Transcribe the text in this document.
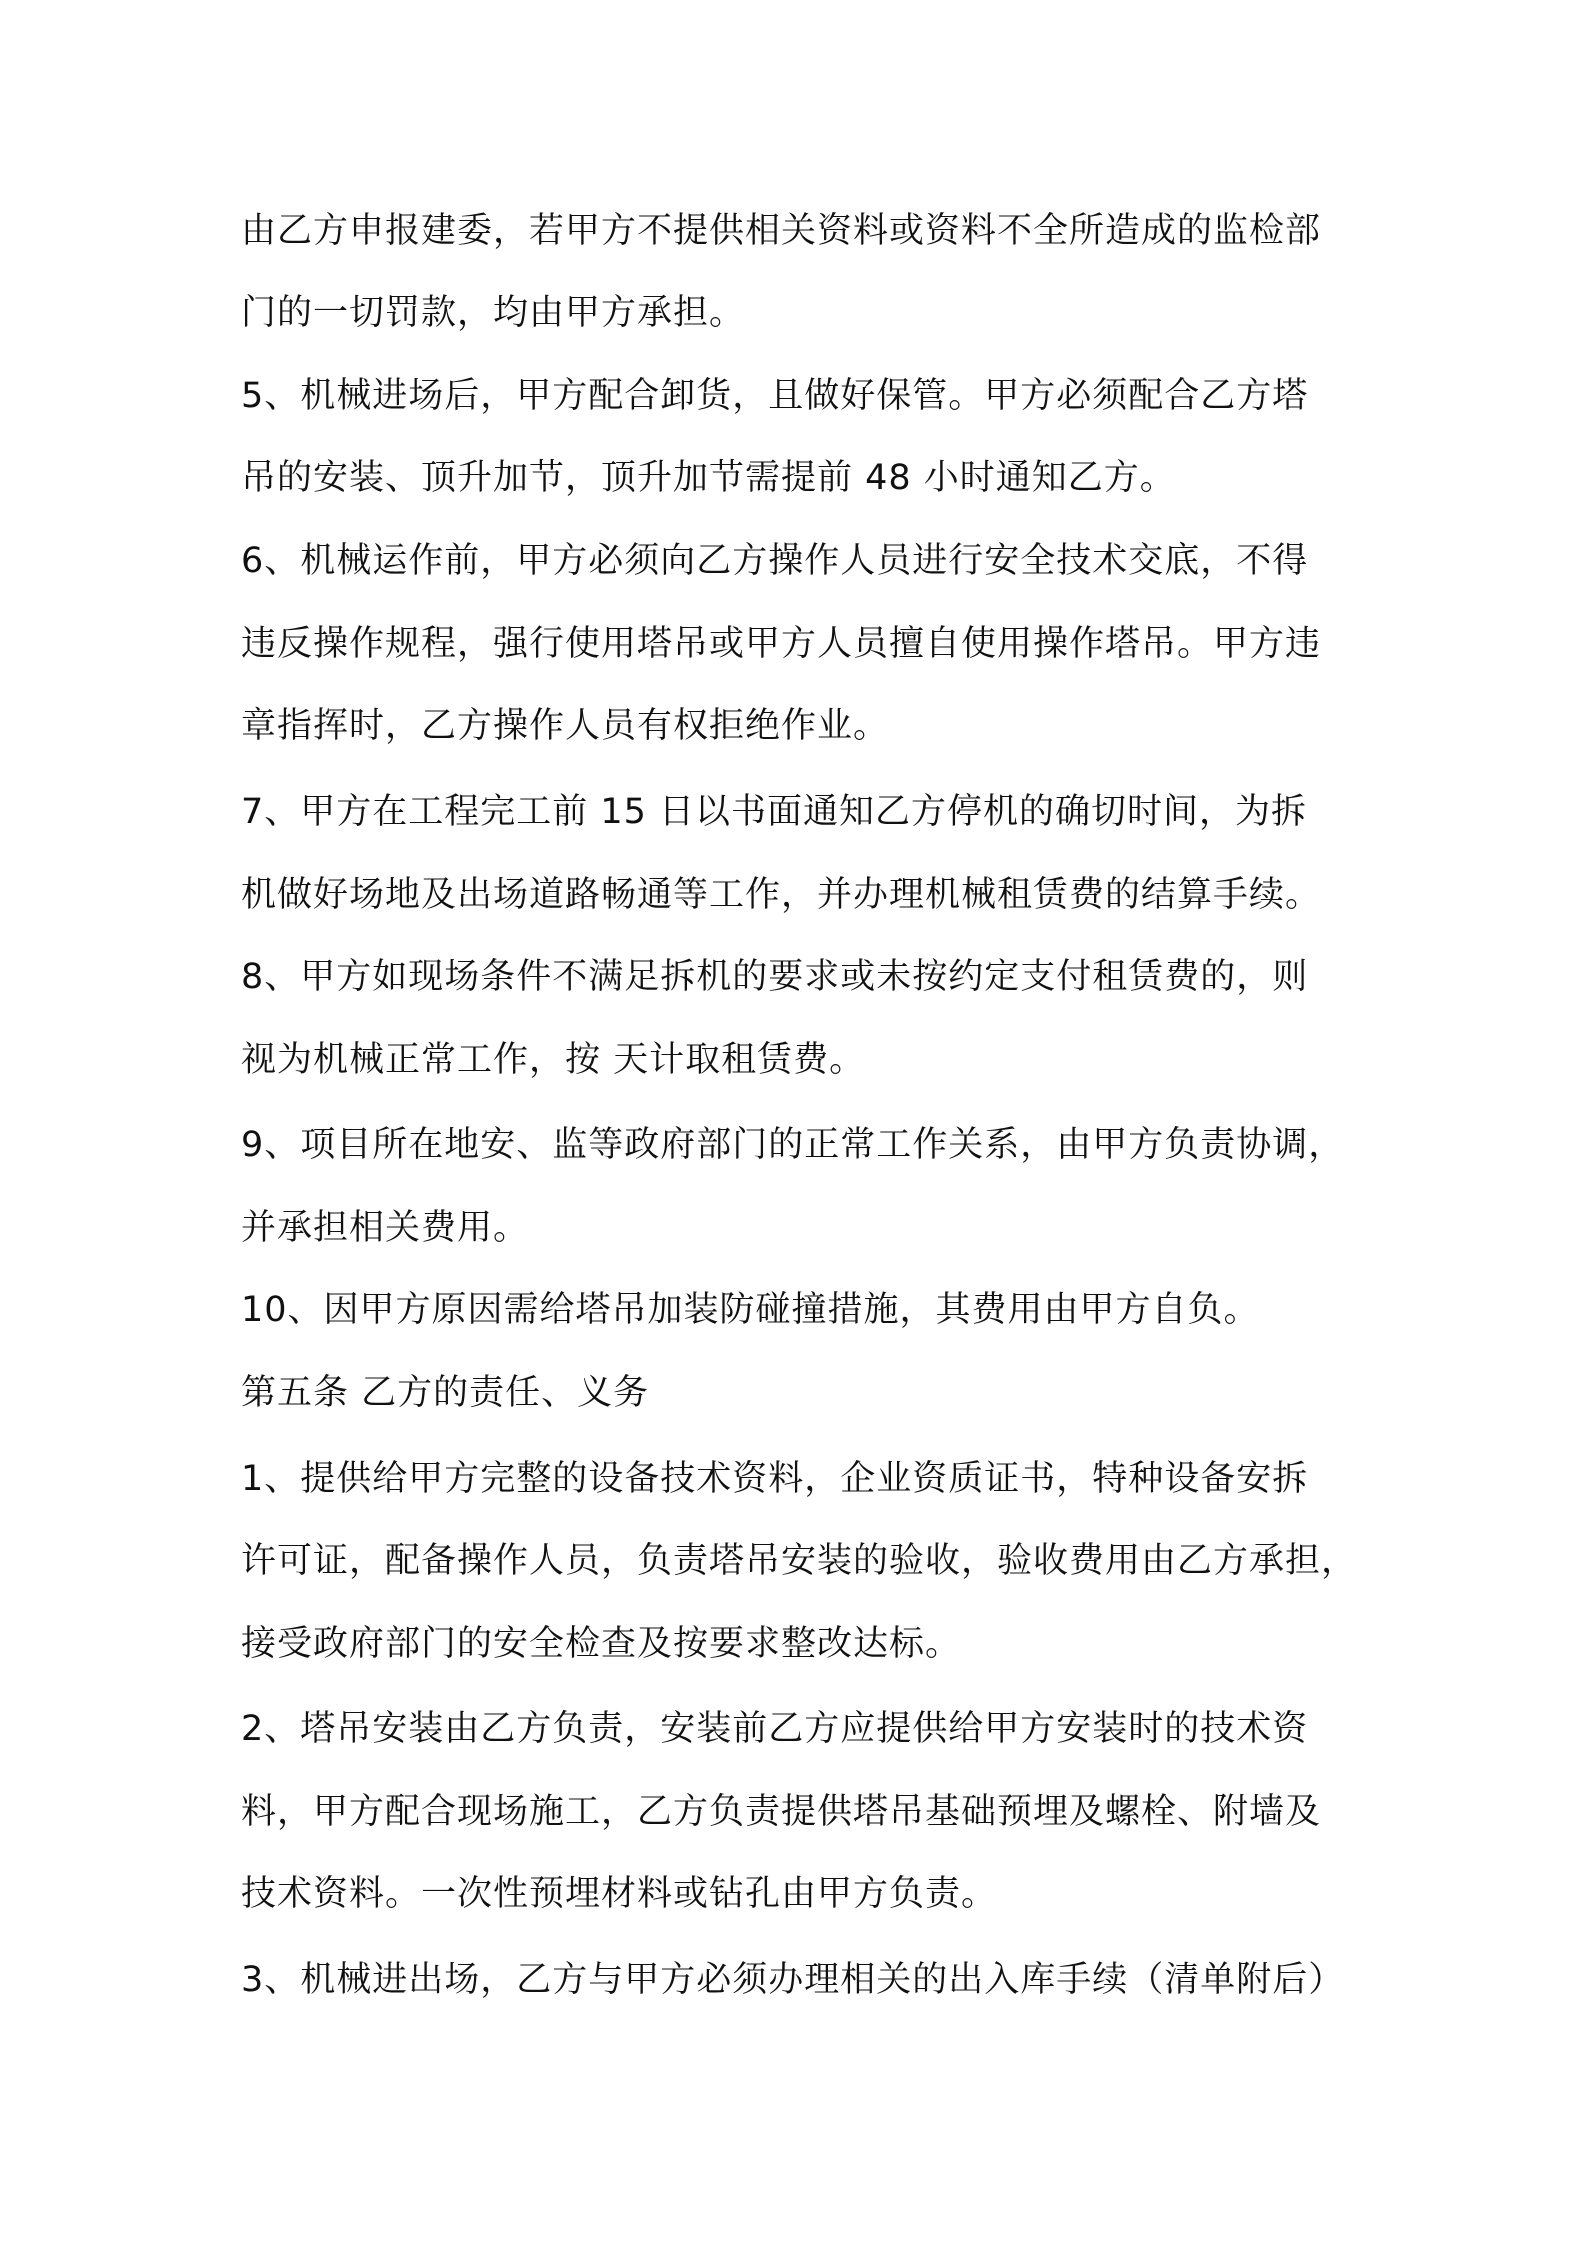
由乙方申报建委，若甲方不提供相关资料或资料不全所造成的监检部
门的一切罚款，均由甲方承担。
5、机械进场后，甲方配合卸货，且做好保管。甲方必须配合乙方塔
吊的安装、顶升加节，顶升加节需提前 48 小时通知乙方。
6、机械运作前，甲方必须向乙方操作人员进行安全技术交底，不得
违反操作规程，强行使用塔吊或甲方人员擅自使用操作塔吊。甲方违
章指挥时，乙方操作人员有权拒绝作业。
7、甲方在工程完工前 15 日以书面通知乙方停机的确切时间，为拆
机做好场地及出场道路畅通等工作，并办理机械租赁费的结算手续。
8、甲方如现场条件不满足拆机的要求或未按约定支付租赁费的，则
视为机械正常工作，按 天计取租赁费。
9、项目所在地安、监等政府部门的正常工作关系，由甲方负责协调，
并承担相关费用。
10、因甲方原因需给塔吊加装防碰撞措施，其费用由甲方自负。
第五条 乙方的责任、义务
1、提供给甲方完整的设备技术资料，企业资质证书，特种设备安拆
许可证，配备操作人员，负责塔吊安装的验收，验收费用由乙方承担，
接受政府部门的安全检查及按要求整改达标。
2、塔吊安装由乙方负责，安装前乙方应提供给甲方安装时的技术资
料，甲方配合现场施工，乙方负责提供塔吊基础预埋及螺栓、附墙及
技术资料。一次性预埋材料或钻孔由甲方负责。
3、机械进出场，乙方与甲方必须办理相关的出入库手续（清单附后）
